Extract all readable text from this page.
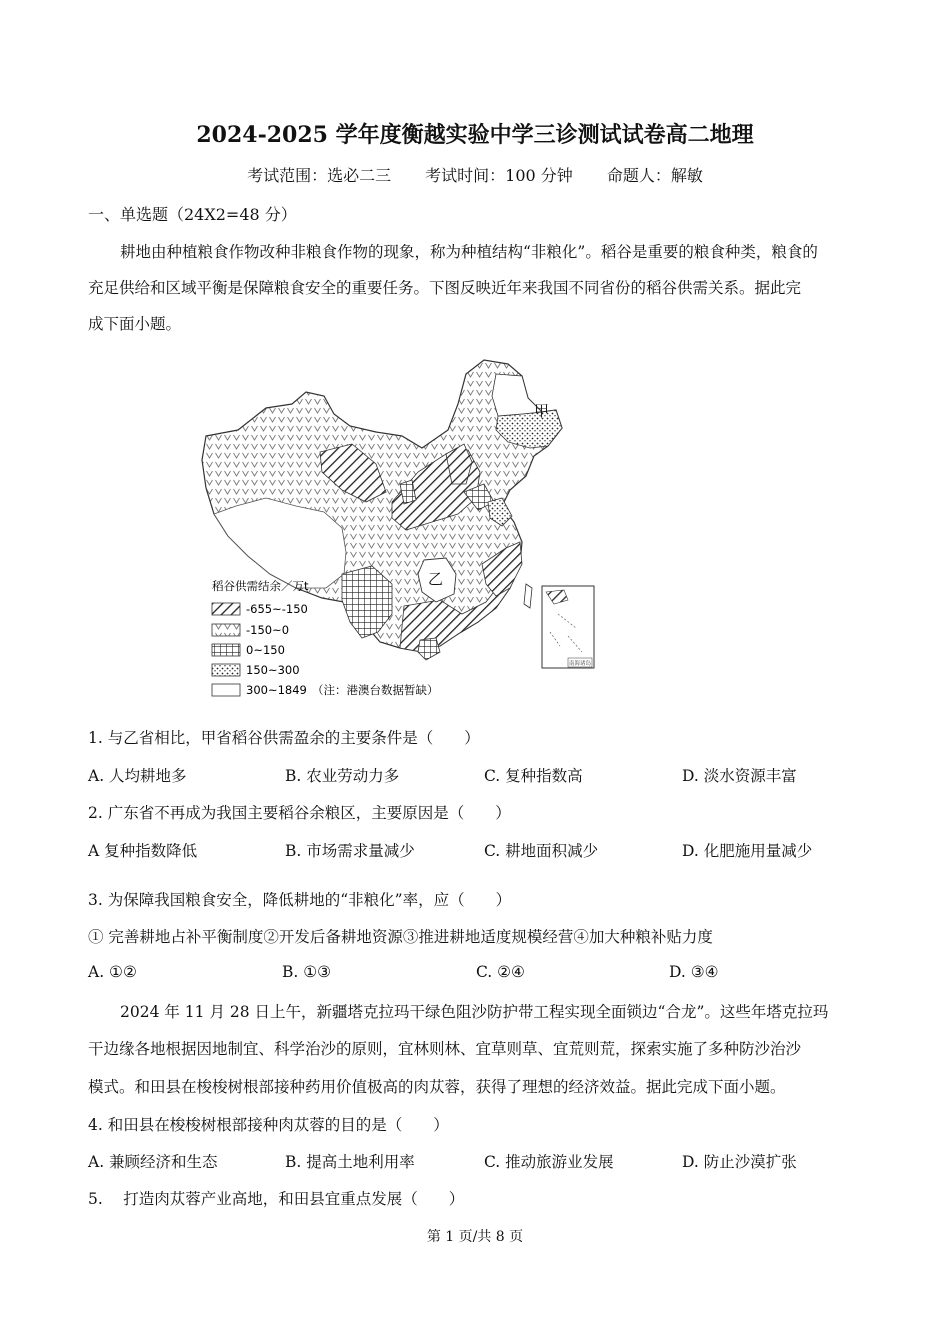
2024-2025 学年度衡越实验中学三诊测试试卷高二地理
考试范围：选必二三 考试时间：100 分钟 命题人：解敏
一、单选题（24X2=48 分）
耕地由种植粮食作物改种非粮食作物的现象，称为种植结构“非粮化”。稻谷是重要的粮食种类，粮食的
充足供给和区域平衡是保障粮食安全的重要任务。下图反映近年来我国不同省份的稻谷供需关系。据此完
成下面小题。
南海诸岛
甲
乙
稻谷供需结余／万t
-655~-150
-150~0
0~150
150~300
300~1849 （注：港澳台数据暂缺）
1. 与乙省相比，甲省稻谷供需盈余的主要条件是（　　）
A. 人均耕地多	B. 农业劳动力多	C. 复种指数高	D. 淡水资源丰富
2. 广东省不再成为我国主要稻谷余粮区，主要原因是（　　）
A 复种指数降低	B. 市场需求量减少	C. 耕地面积减少	D. 化肥施用量减少
3. 为保障我国粮食安全，降低耕地的“非粮化”率，应（　　）
① 完善耕地占补平衡制度②开发后备耕地资源③推进耕地适度规模经营④加大种粮补贴力度
A. ①②	B. ①③	C. ②④	D. ③④
2024 年 11 月 28 日上午，新疆塔克拉玛干绿色阻沙防护带工程实现全面锁边“合龙”。这些年塔克拉玛
干边缘各地根据因地制宜、科学治沙的原则，宜林则林、宜草则草、宜荒则荒，探索实施了多种防沙治沙
模式。和田县在梭梭树根部接种药用价值极高的肉苁蓉，获得了理想的经济效益。据此完成下面小题。
4. 和田县在梭梭树根部接种肉苁蓉的目的是（　　）
A. 兼顾经济和生态	B. 提高土地利用率	C. 推动旅游业发展	D. 防止沙漠扩张
5.　 打造肉苁蓉产业高地，和田县宜重点发展（　　）
第 1 页/共 8 页
